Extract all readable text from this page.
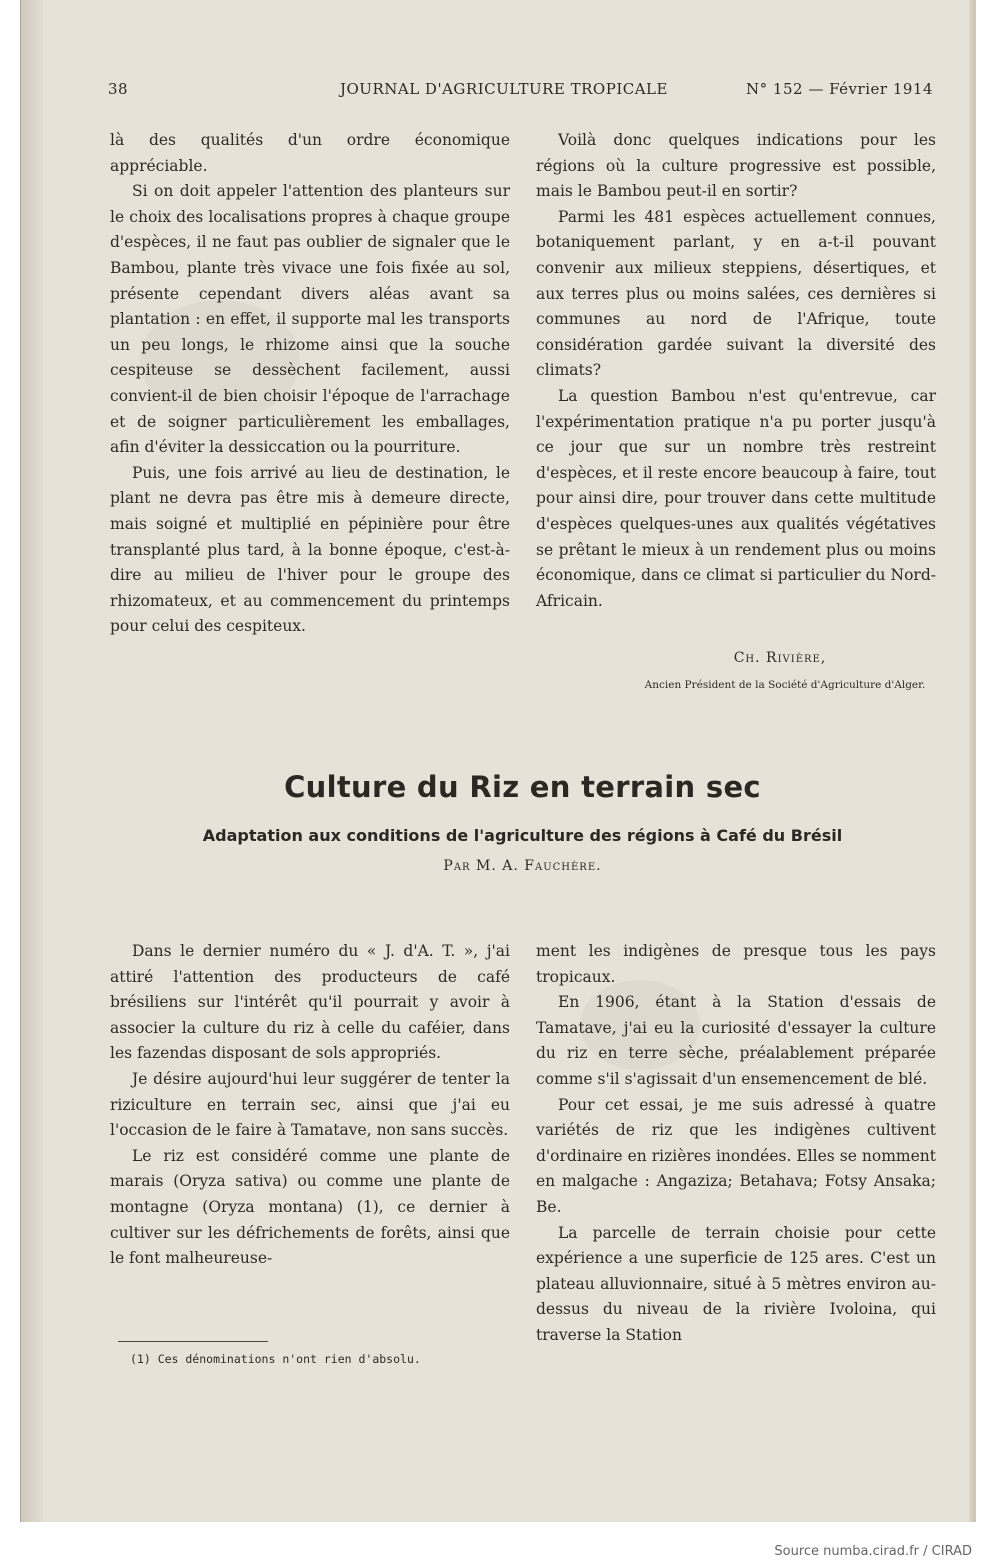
38	JOURNAL D'AGRICULTURE TROPICALE	N° 152 — Février 1914

là des qualités d'un ordre économique appréciable.

Si on doit appeler l'attention des planteurs sur le choix des localisations propres à chaque groupe d'espèces, il ne faut pas oublier de signaler que le Bambou, plante très vivace une fois fixée au sol, présente cependant divers aléas avant sa plantation : en effet, il supporte mal les transports un peu longs, le rhizome ainsi que la souche cespiteuse se dessèchent facilement, aussi convient-il de bien choisir l'époque de l'arrachage et de soigner particulièrement les emballages, afin d'éviter la dessiccation ou la pourriture.

Puis, une fois arrivé au lieu de destination, le plant ne devra pas être mis à demeure directe, mais soigné et multiplié en pépinière pour être transplanté plus tard, à la bonne époque, c'est-à-dire au milieu de l'hiver pour le groupe des rhizomateux, et au commencement du printemps pour celui des cespiteux.

Voilà donc quelques indications pour les régions où la culture progressive est possible, mais le Bambou peut-il en sortir?

Parmi les 481 espèces actuellement connues, botaniquement parlant, y en a-t-il pouvant convenir aux milieux steppiens, désertiques, et aux terres plus ou moins salées, ces dernières si communes au nord de l'Afrique, toute considération gardée suivant la diversité des climats?

La question Bambou n'est qu'entrevue, car l'expérimentation pratique n'a pu porter jusqu'à ce jour que sur un nombre très restreint d'espèces, et il reste encore beaucoup à faire, tout pour ainsi dire, pour trouver dans cette multitude d'espèces quelques-unes aux qualités végétatives se prêtant le mieux à un rendement plus ou moins économique, dans ce climat si particulier du Nord-Africain.

Ch. Rivière,
Ancien Président de la Société d'Agriculture d'Alger.
Culture du Riz en terrain sec
Adaptation aux conditions de l'agriculture des régions à Café du Brésil
Par M. A. Fauchère.

Dans le dernier numéro du « J. d'A. T. », j'ai attiré l'attention des producteurs de café brésiliens sur l'intérêt qu'il pourrait y avoir à associer la culture du riz à celle du caféier, dans les fazendas disposant de sols appropriés.

Je désire aujourd'hui leur suggérer de tenter la riziculture en terrain sec, ainsi que j'ai eu l'occasion de le faire à Tamatave, non sans succès.

Le riz est considéré comme une plante de marais (Oryza sativa) ou comme une plante de montagne (Oryza montana) (1), ce dernier à cultiver sur les défrichements de forêts, ainsi que le font malheureuse-

ment les indigènes de presque tous les pays tropicaux.

En 1906, étant à la Station d'essais de Tamatave, j'ai eu la curiosité d'essayer la culture du riz en terre sèche, préalablement préparée comme s'il s'agissait d'un ensemencement de blé.

Pour cet essai, je me suis adressé à quatre variétés de riz que les indigènes cultivent d'ordinaire en rizières inondées. Elles se nomment en malgache : Angaziza; Betahava; Fotsy Ansaka; Be.

La parcelle de terrain choisie pour cette expérience a une superficie de 125 ares. C'est un plateau alluvionnaire, situé à 5 mètres environ au-dessus du niveau de la rivière Ivoloina, qui traverse la Station

(1) Ces dénominations n'ont rien d'absolu.
Source numba.cirad.fr / CIRAD
